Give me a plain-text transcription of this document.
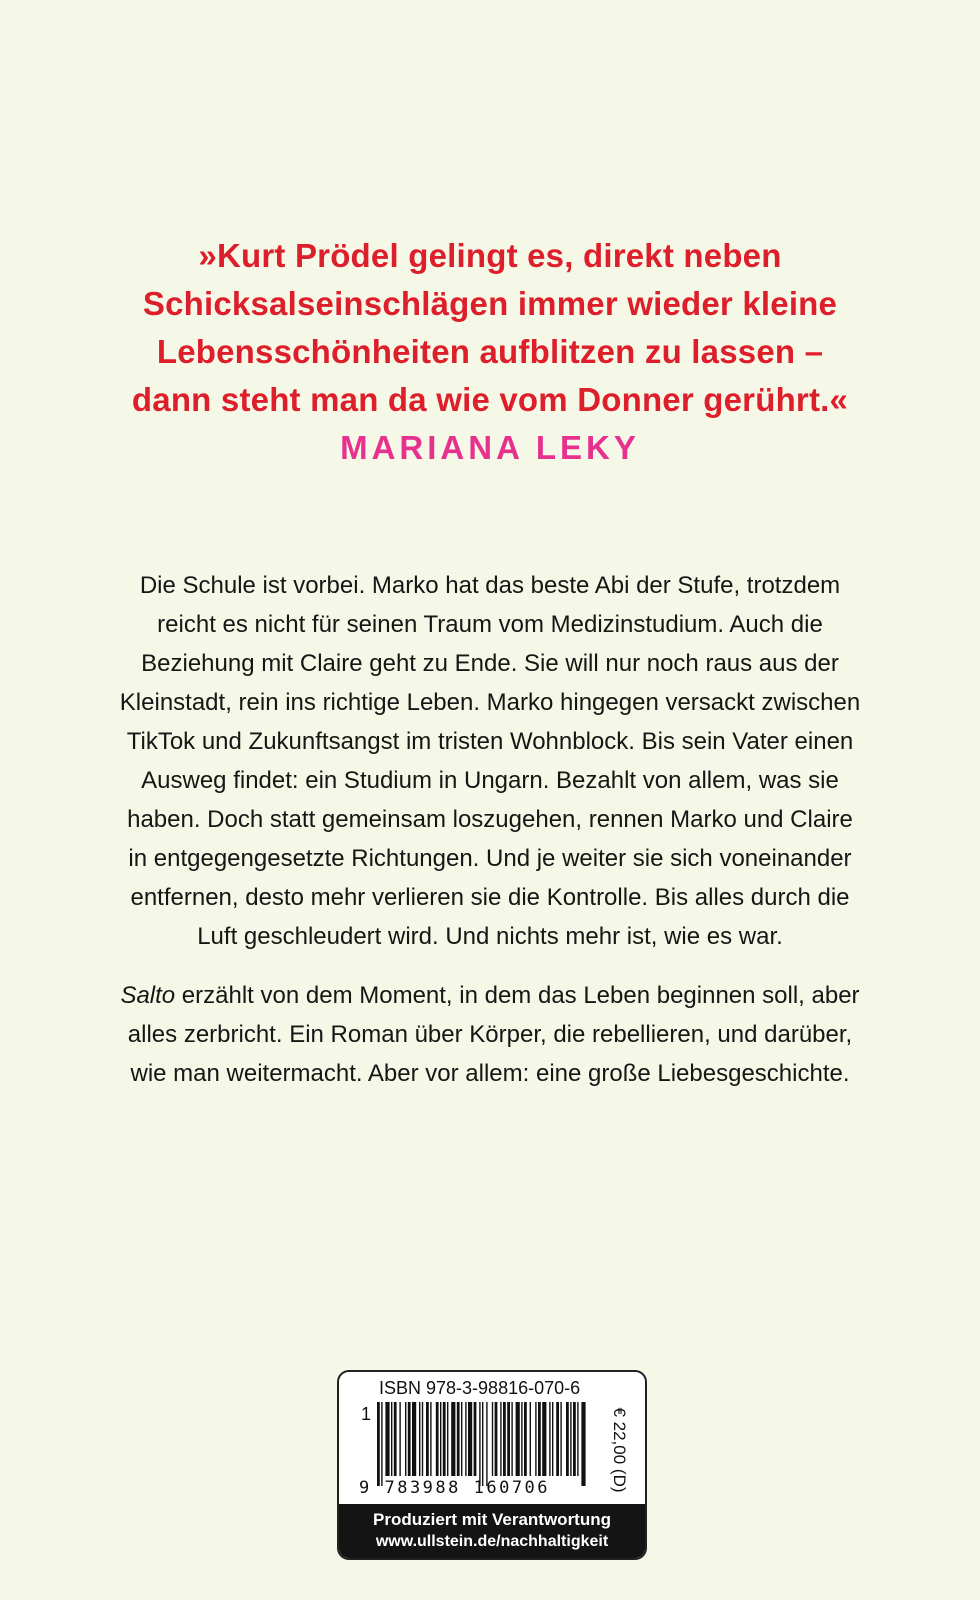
»Kurt Prödel gelingt es, direkt neben
Schicksalseinschlägen immer wieder kleine
Lebensschönheiten aufblitzen zu lassen –
dann steht man da wie vom Donner gerührt.«
MARIANA LEKY
Die Schule ist vorbei. Marko hat das beste Abi der Stufe, trotzdem
reicht es nicht für seinen Traum vom Medizinstudium. Auch die
Beziehung mit Claire geht zu Ende. Sie will nur noch raus aus der
Kleinstadt, rein ins richtige Leben. Marko hingegen versackt zwischen
TikTok und Zukunftsangst im tristen Wohnblock. Bis sein Vater einen
Ausweg findet: ein Studium in Ungarn. Bezahlt von allem, was sie
haben. Doch statt gemeinsam loszugehen, rennen Marko und Claire
in entgegengesetzte Richtungen. Und je weiter sie sich voneinander
entfernen, desto mehr verlieren sie die Kontrolle. Bis alles durch die
Luft geschleudert wird. Und nichts mehr ist, wie es war.
Salto erzählt von dem Moment, in dem das Leben beginnen soll, aber
alles zerbricht. Ein Roman über Körper, die rebellieren, und darüber,
wie man weitermacht. Aber vor allem: eine große Liebesgeschichte.
ISBN 978-3-98816-070-6
1
9 783988 160706	€ 22,00 (D)
Produziert mit Verantwortung
www.ullstein.de/nachhaltigkeit
